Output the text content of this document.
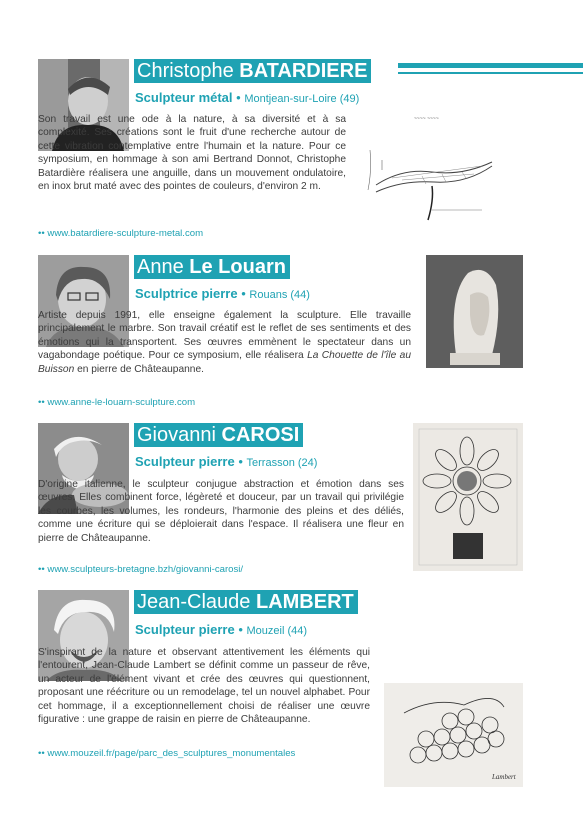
Christophe BATARDIERE
Sculpteur métal • Montjean-sur-Loire (49)

Son travail est une ode à la nature, à sa diversité et à sa complexité. Ses créations sont le fruit d'une recherche autour de cette vibration contemplative entre l'humain et la nature. Pour ce symposium, en hommage à son ami Bertrand Donnot, Christophe Batardière réalisera une anguille, dans un mouvement ondulatoire, en inox brut maté avec des pointes de couleurs, d'environ 2 m.

~~~~ ~~~~
•• www.batardiere-sculpture-metal.com
Anne Le Louarn
Sculptrice pierre • Rouans (44)

Artiste depuis 1991, elle enseigne également la sculpture. Elle travaille principalement le marbre. Son travail créatif est le reflet de ses sentiments et des émotions qui la transportent. Ses œuvres emmènent le spectateur dans un vagabondage poétique. Pour ce symposium, elle réalisera La Chouette de l'île au Buisson en pierre de Châteaupanne.

•• www.anne-le-louarn-sculpture.com
Giovanni CAROSI
Sculpteur pierre • Terrasson (24)

D'origine italienne, le sculpteur conjugue abstraction et émotion dans ses œuvres. Elles combinent force, légèreté et douceur, par un travail qui privilégie les courbes, les volumes, les rondeurs, l'harmonie des pleins et des déliés, comme une écriture qui se déploierait dans l'espace. Il réalisera une fleur en pierre de Châteaupanne.

•• www.sculpteurs-bretagne.bzh/giovanni-carosi/
Jean-Claude LAMBERT
Sculpteur pierre • Mouzeil (44)

S'inspirant de la nature et observant attentivement les éléments qui l'entourent, Jean-Claude Lambert se définit comme un passeur de rêve, un acteur de l'élément vivant et crée des œuvres qui questionnent, proposant une réécriture ou un remodelage, tel un nouvel alphabet. Pour cet hommage, il a exceptionnellement choisi de réaliser une œuvre figurative : une grappe de raisin en pierre de Châteaupanne.

Lambert
•• www.mouzeil.fr/page/parc_des_sculptures_monumentales
